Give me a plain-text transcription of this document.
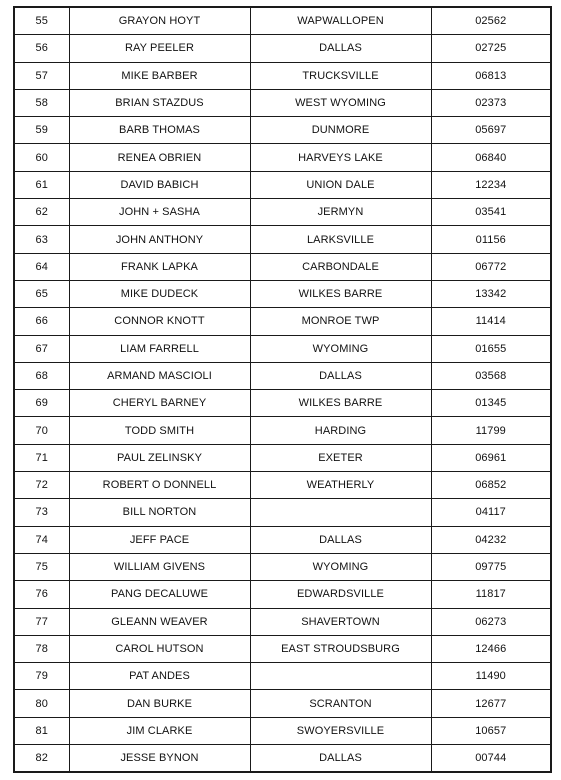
55	GRAYON HOYT	WAPWALLOPEN	02562
56	RAY PEELER	DALLAS	02725
57	MIKE BARBER	TRUCKSVILLE	06813
58	BRIAN STAZDUS	WEST WYOMING	02373
59	BARB THOMAS	DUNMORE	05697
60	RENEA OBRIEN	HARVEYS LAKE	06840
61	DAVID BABICH	UNION DALE	12234
62	JOHN + SASHA	JERMYN	03541
63	JOHN ANTHONY	LARKSVILLE	01156
64	FRANK LAPKA	CARBONDALE	06772
65	MIKE DUDECK	WILKES BARRE	13342
66	CONNOR KNOTT	MONROE TWP	11414
67	LIAM FARRELL	WYOMING	01655
68	ARMAND MASCIOLI	DALLAS	03568
69	CHERYL BARNEY	WILKES BARRE	01345
70	TODD SMITH	HARDING	11799
71	PAUL ZELINSKY	EXETER	06961
72	ROBERT O DONNELL	WEATHERLY	06852
73	BILL NORTON		04117
74	JEFF PACE	DALLAS	04232
75	WILLIAM GIVENS	WYOMING	09775
76	PANG DECALUWE	EDWARDSVILLE	11817
77	GLEANN WEAVER	SHAVERTOWN	06273
78	CAROL HUTSON	EAST STROUDSBURG	12466
79	PAT ANDES		11490
80	DAN BURKE	SCRANTON	12677
81	JIM CLARKE	SWOYERSVILLE	10657
82	JESSE BYNON	DALLAS	00744
